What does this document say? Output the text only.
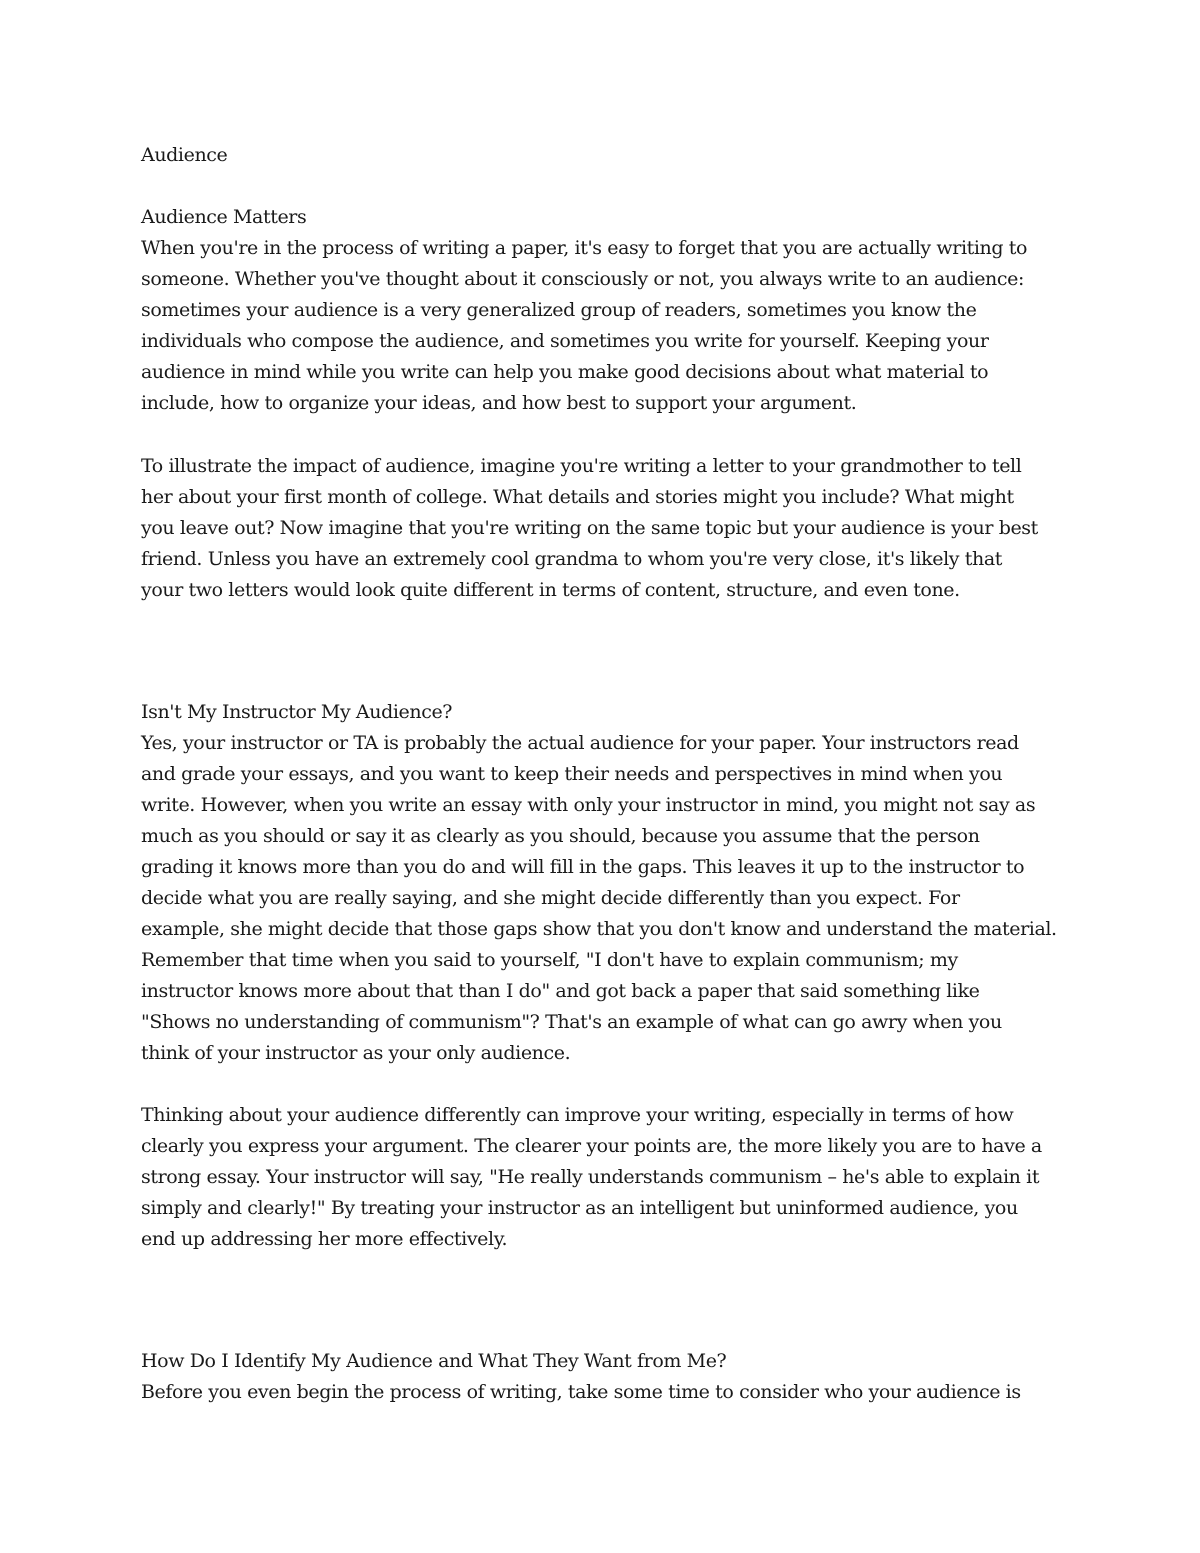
Audience
Audience Matters
When you're in the process of writing a paper, it's easy to forget that you are actually writing to
someone. Whether you've thought about it consciously or not, you always write to an audience:
sometimes your audience is a very generalized group of readers, sometimes you know the
individuals who compose the audience, and sometimes you write for yourself. Keeping your
audience in mind while you write can help you make good decisions about what material to
include, how to organize your ideas, and how best to support your argument.
To illustrate the impact of audience, imagine you're writing a letter to your grandmother to tell
her about your first month of college. What details and stories might you include? What might
you leave out? Now imagine that you're writing on the same topic but your audience is your best
friend. Unless you have an extremely cool grandma to whom you're very close, it's likely that
your two letters would look quite different in terms of content, structure, and even tone.
Isn't My Instructor My Audience?
Yes, your instructor or TA is probably the actual audience for your paper. Your instructors read
and grade your essays, and you want to keep their needs and perspectives in mind when you
write. However, when you write an essay with only your instructor in mind, you might not say as
much as you should or say it as clearly as you should, because you assume that the person
grading it knows more than you do and will fill in the gaps. This leaves it up to the instructor to
decide what you are really saying, and she might decide differently than you expect. For
example, she might decide that those gaps show that you don't know and understand the material.
Remember that time when you said to yourself, "I don't have to explain communism; my
instructor knows more about that than I do" and got back a paper that said something like
"Shows no understanding of communism"? That's an example of what can go awry when you
think of your instructor as your only audience.
Thinking about your audience differently can improve your writing, especially in terms of how
clearly you express your argument. The clearer your points are, the more likely you are to have a
strong essay. Your instructor will say, "He really understands communism – he's able to explain it
simply and clearly!" By treating your instructor as an intelligent but uninformed audience, you
end up addressing her more effectively.
How Do I Identify My Audience and What They Want from Me?
Before you even begin the process of writing, take some time to consider who your audience is
